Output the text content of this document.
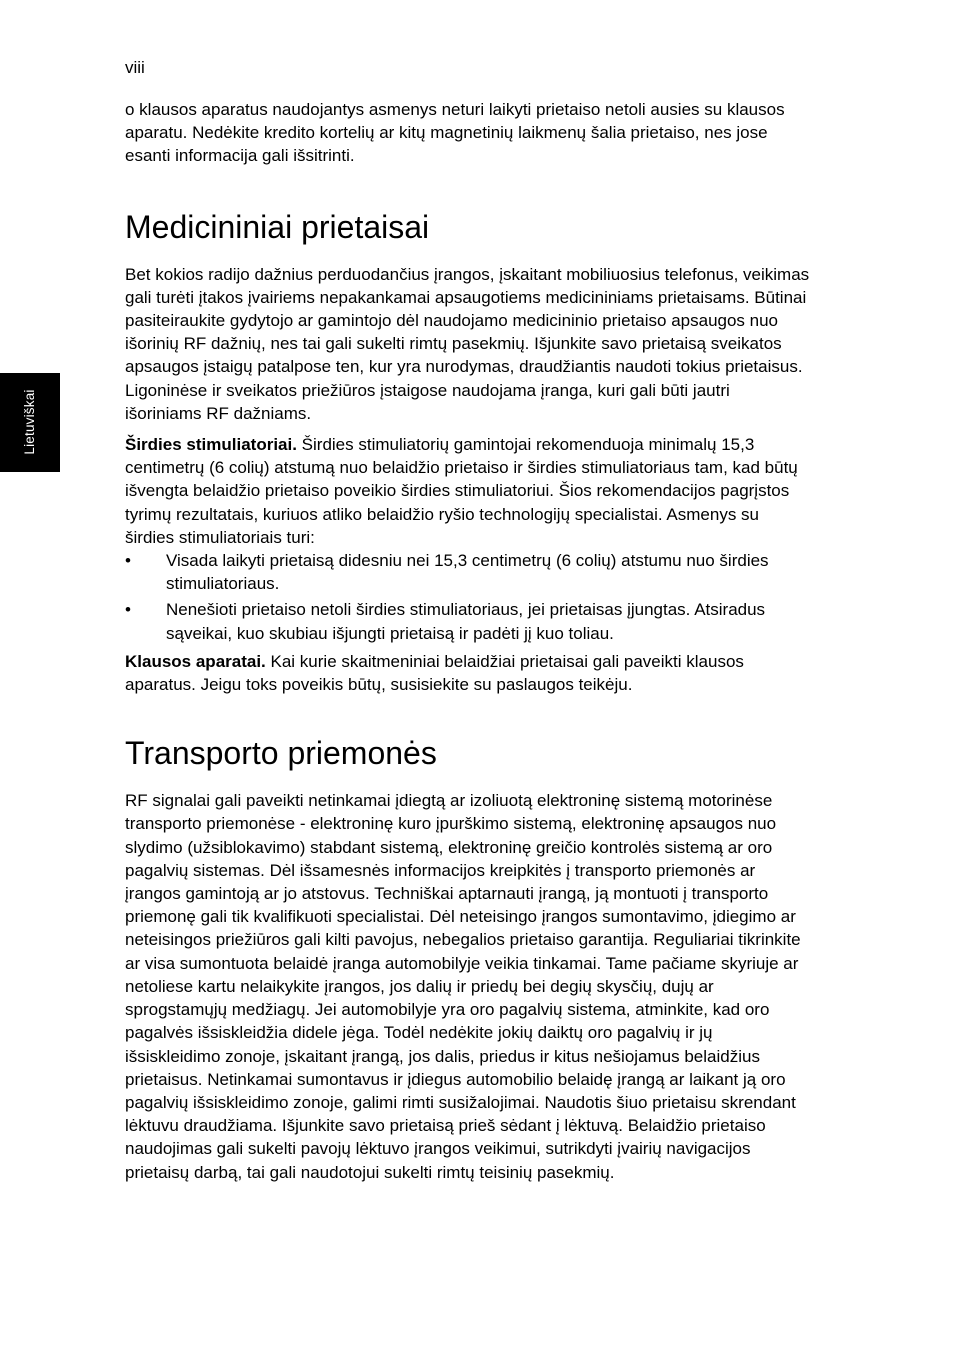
viii
Lietuviškai

o klausos aparatus naudojantys asmenys neturi laikyti prietaiso netoli ausies su klausos aparatu. Nedėkite kredito kortelių ar kitų magnetinių laikmenų šalia prietaiso, nes jose esanti informacija gali išsitrinti.

Medicininiai prietaisai

Bet kokios radijo dažnius perduodančius įrangos, įskaitant mobiliuosius telefonus, veikimas gali turėti įtakos įvairiems nepakankamai apsaugotiems medicininiams prietaisams. Būtinai pasiteiraukite gydytojo ar gamintojo dėl naudojamo medicininio prietaiso apsaugos nuo išorinių RF dažnių, nes tai gali sukelti rimtų pasekmių. Išjunkite savo prietaisą sveikatos apsaugos įstaigų patalpose ten, kur yra nurodymas, draudžiantis naudoti tokius prietaisus. Ligoninėse ir sveikatos priežiūros įstaigose naudojama įranga, kuri gali būti jautri išoriniams RF dažniams.

Širdies stimuliatoriai. Širdies stimuliatorių gamintojai rekomenduoja minimalų 15,3 centimetrų (6 colių) atstumą nuo belaidžio prietaiso ir širdies stimuliatoriaus tam, kad būtų išvengta belaidžio prietaiso poveikio širdies stimuliatoriui. Šios rekomendacijos pagrįstos tyrimų rezultatais, kuriuos atliko belaidžio ryšio technologijų specialistai. Asmenys su širdies stimuliatoriais turi:

• Visada laikyti prietaisą didesniu nei 15,3 centimetrų (6 colių) atstumu nuo širdies stimuliatoriaus.
• Nenešioti prietaiso netoli širdies stimuliatoriaus, jei prietaisas įjungtas. Atsiradus sąveikai, kuo skubiau išjungti prietaisą ir padėti jį kuo toliau.

Klausos aparatai. Kai kurie skaitmeniniai belaidžiai prietaisai gali paveikti klausos aparatus. Jeigu toks poveikis būtų, susisiekite su paslaugos teikėju.

Transporto priemonės

RF signalai gali paveikti netinkamai įdiegtą ar izoliuotą elektroninę sistemą motorinėse transporto priemonėse - elektroninę kuro įpurškimo sistemą, elektroninę apsaugos nuo slydimo (užsiblokavimo) stabdant sistemą, elektroninę greičio kontrolės sistemą ar oro pagalvių sistemas. Dėl išsamesnės informacijos kreipkitės į transporto priemonės ar įrangos gamintoją ar jo atstovus. Techniškai aptarnauti įrangą, ją montuoti į transporto priemonę gali tik kvalifikuoti specialistai. Dėl neteisingo įrangos sumontavimo, įdiegimo ar neteisingos priežiūros gali kilti pavojus, nebegalios prietaiso garantija. Reguliariai tikrinkite ar visa sumontuota belaidė įranga automobilyje veikia tinkamai. Tame pačiame skyriuje ar netoliese kartu nelaikykite įrangos, jos dalių ir priedų bei degių skysčių, dujų ar sprogstamųjų medžiagų. Jei automobilyje yra oro pagalvių sistema, atminkite, kad oro pagalvės išsiskleidžia didele jėga. Todėl nedėkite jokių daiktų oro pagalvių ir jų išsiskleidimo zonoje, įskaitant įrangą, jos dalis, priedus ir kitus nešiojamus belaidžius prietaisus. Netinkamai sumontavus ir įdiegus automobilio belaidę įrangą ar laikant ją oro pagalvių išsiskleidimo zonoje, galimi rimti susižalojimai. Naudotis šiuo prietaisu skrendant lėktuvu draudžiama. Išjunkite savo prietaisą prieš sėdant į lėktuvą. Belaidžio prietaiso naudojimas gali sukelti pavojų lėktuvo įrangos veikimui, sutrikdyti įvairių navigacijos prietaisų darbą, tai gali naudotojui sukelti rimtų teisinių pasekmių.
